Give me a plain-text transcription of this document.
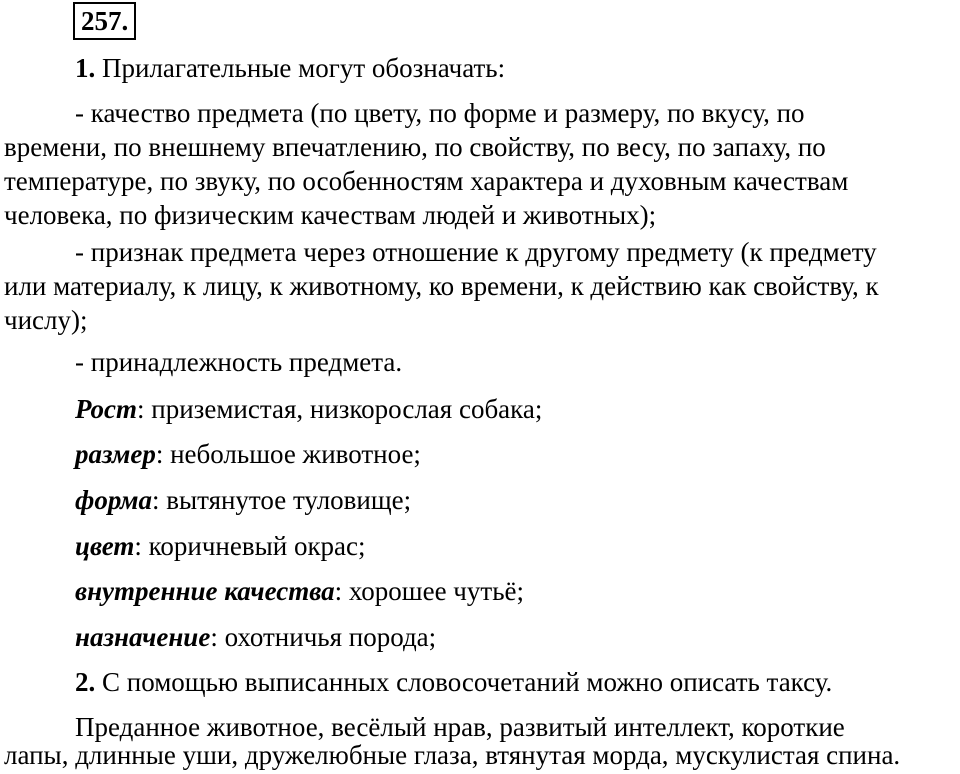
257.
1. Прилагательные могут обозначать:
- качество предмета (по цвету, по форме и размеру, по вкусу, по
времени, по внешнему впечатлению, по свойству, по весу, по запаху, по
температуре, по звуку, по особенностям характера и духовным качествам
человека, по физическим качествам людей и животных);
- признак предмета через отношение к другому предмету (к предмету
или материалу, к лицу, к животному, ко времени, к действию как свойству, к
числу);
- принадлежность предмета.
Рост: приземистая, низкорослая собака;
размер: небольшое животное;
форма: вытянутое туловище;
цвет: коричневый окрас;
внутренние качества: хорошее чутьё;
назначение: охотничья порода;
2. С помощью выписанных словосочетаний можно описать таксу.
Преданное животное, весёлый нрав, развитый интеллект, короткие
лапы, длинные уши, дружелюбные глаза, втянутая морда, мускулистая спина.
